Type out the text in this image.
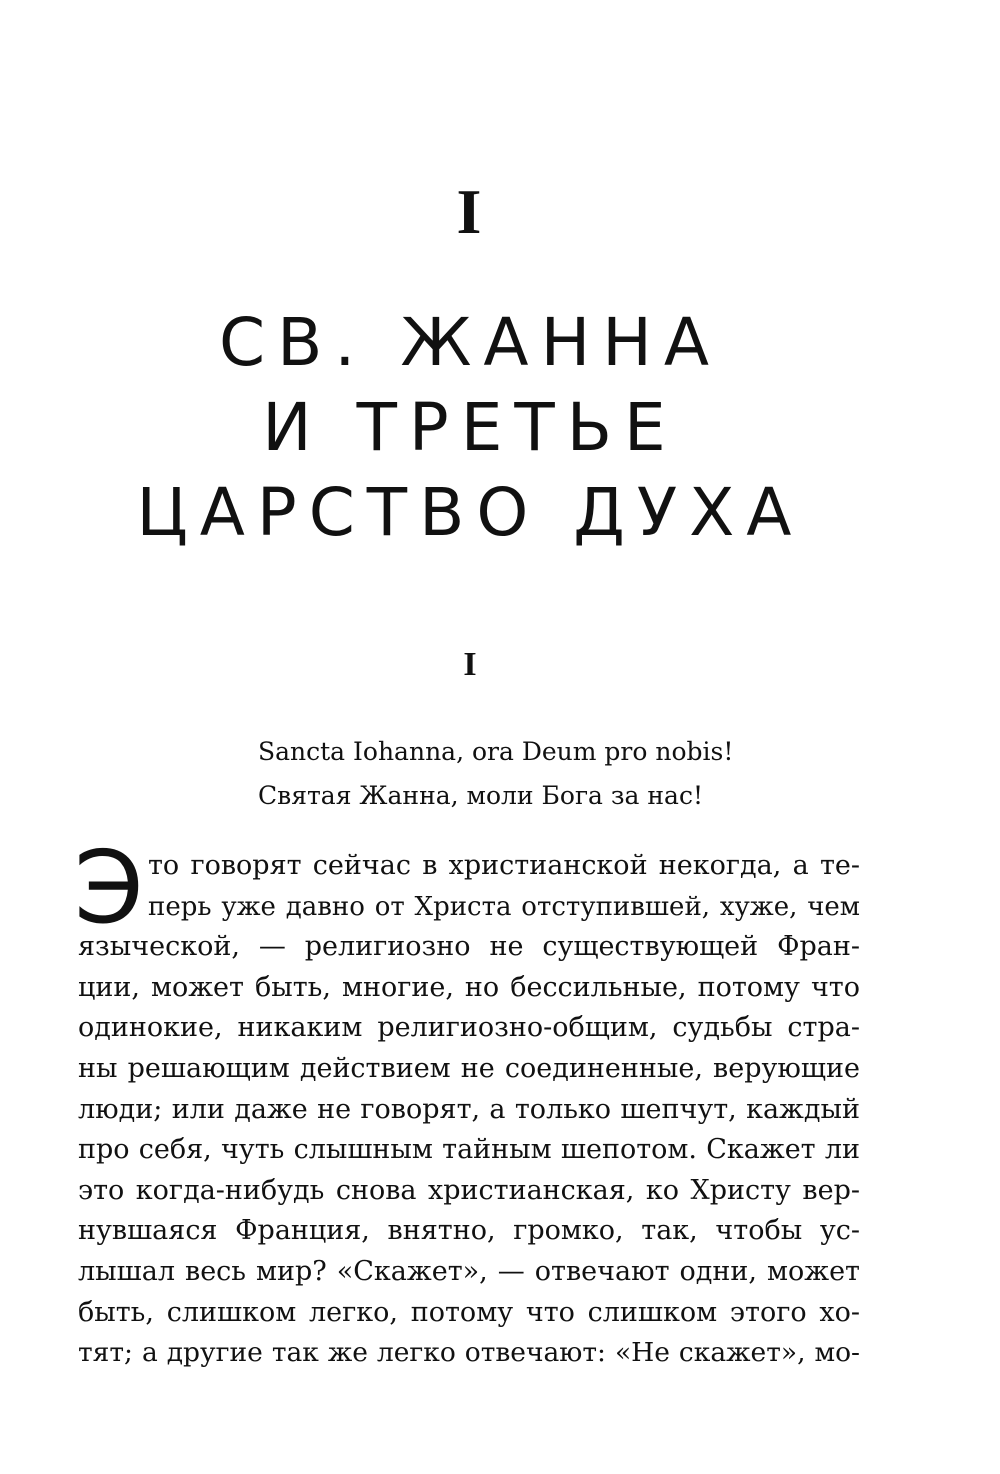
I
СВ. ЖАННА
И ТРЕТЬЕ
ЦАРСТВО ДУХА
I
Sancta Iohanna, ora Deum pro nobis!
Святая Жанна, моли Бога за нас!
Э то говорят сейчас в христианской некогда, а те-
перь уже давно от Христа отступившей, хуже, чем
языческой, — религиозно не существующей Фран-
ции, может быть, многие, но бессильные, потому что
одинокие, никаким религиозно-общим, судьбы стра-
ны решающим действием не соединенные, верующие
люди; или даже не говорят, а только шепчут, каждый
про себя, чуть слышным тайным шепотом. Скажет ли
это когда-нибудь снова христианская, ко Христу вер-
нувшаяся Франция, внятно, громко, так, чтобы ус-
лышал весь мир? «Скажет», — отвечают одни, может
быть, слишком легко, потому что слишком этого хо-
тят; а другие так же легко отвечают: «Не скажет», мо-
